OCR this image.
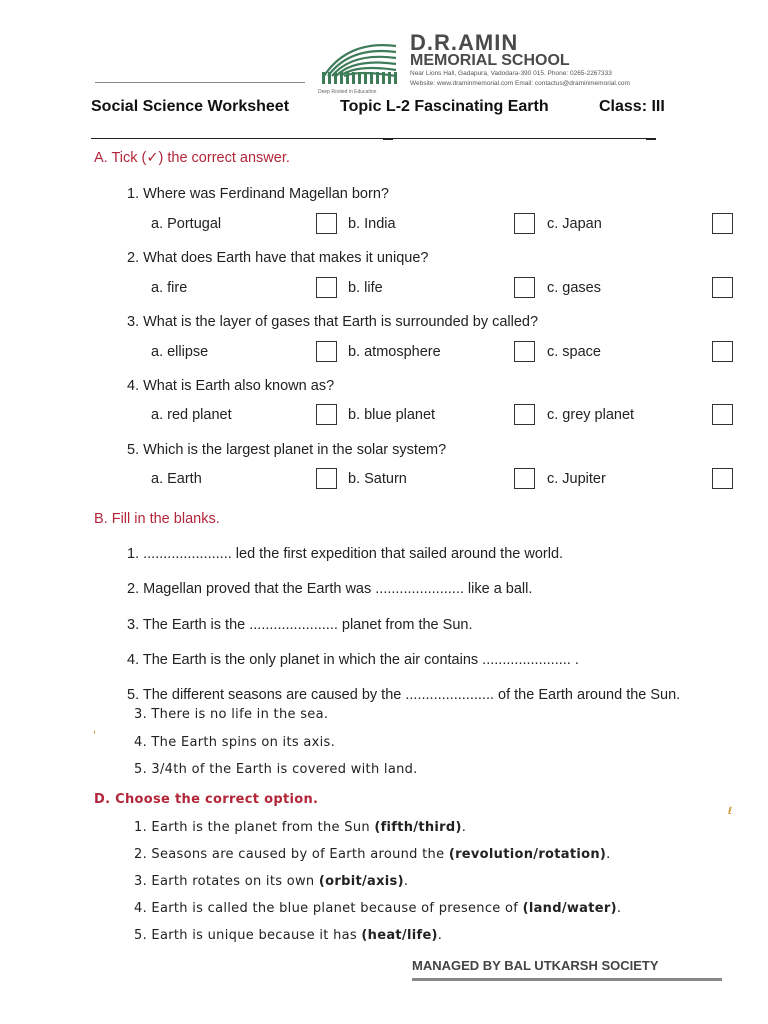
Deep Rooted in Education
D.R.AMIN
MEMORIAL SCHOOL
Near Lions Hall, Gadapura, Vadodara-390 015. Phone: 0265-2267333
Website: www.draminmemorial.com Email: contactus@draminmemorial.com
Social Science Worksheet	Topic L-2 Fascinating Earth	Class: III
A. Tick (✓) the correct answer.
1. Where was Ferdinand Magellan born?
a. Portugal	b. India	c. Japan
2. What does Earth have that makes it unique?
a. fire	b. life	c. gases
3. What is the layer of gases that Earth is surrounded by called?
a. ellipse	b. atmosphere	c. space
4. What is Earth also known as?
a. red planet	b. blue planet	c. grey planet
5. Which is the largest planet in the solar system?
a. Earth	b. Saturn	c. Jupiter
B. Fill in the blanks.
1. ...................... led the first expedition that sailed around the world.
2. Magellan proved that the Earth was ...................... like a ball.
3. The Earth is the ...................... planet from the Sun.
4. The Earth is the only planet in which the air contains ...................... .
5. The different seasons are caused by the ...................... of the Earth around the Sun.
3. There is no life in the sea.
'	4. The Earth spins on its axis.
5. 3/4th of the Earth is covered with land.
D. Choose the correct option.
ℓ
1. Earth is the planet from the Sun (fifth/third).
2. Seasons are caused by of Earth around the (revolution/rotation).
3. Earth rotates on its own (orbit/axis).
4. Earth is called the blue planet because of presence of (land/water).
5. Earth is unique because it has (heat/life).
MANAGED BY BAL UTKARSH SOCIETY
